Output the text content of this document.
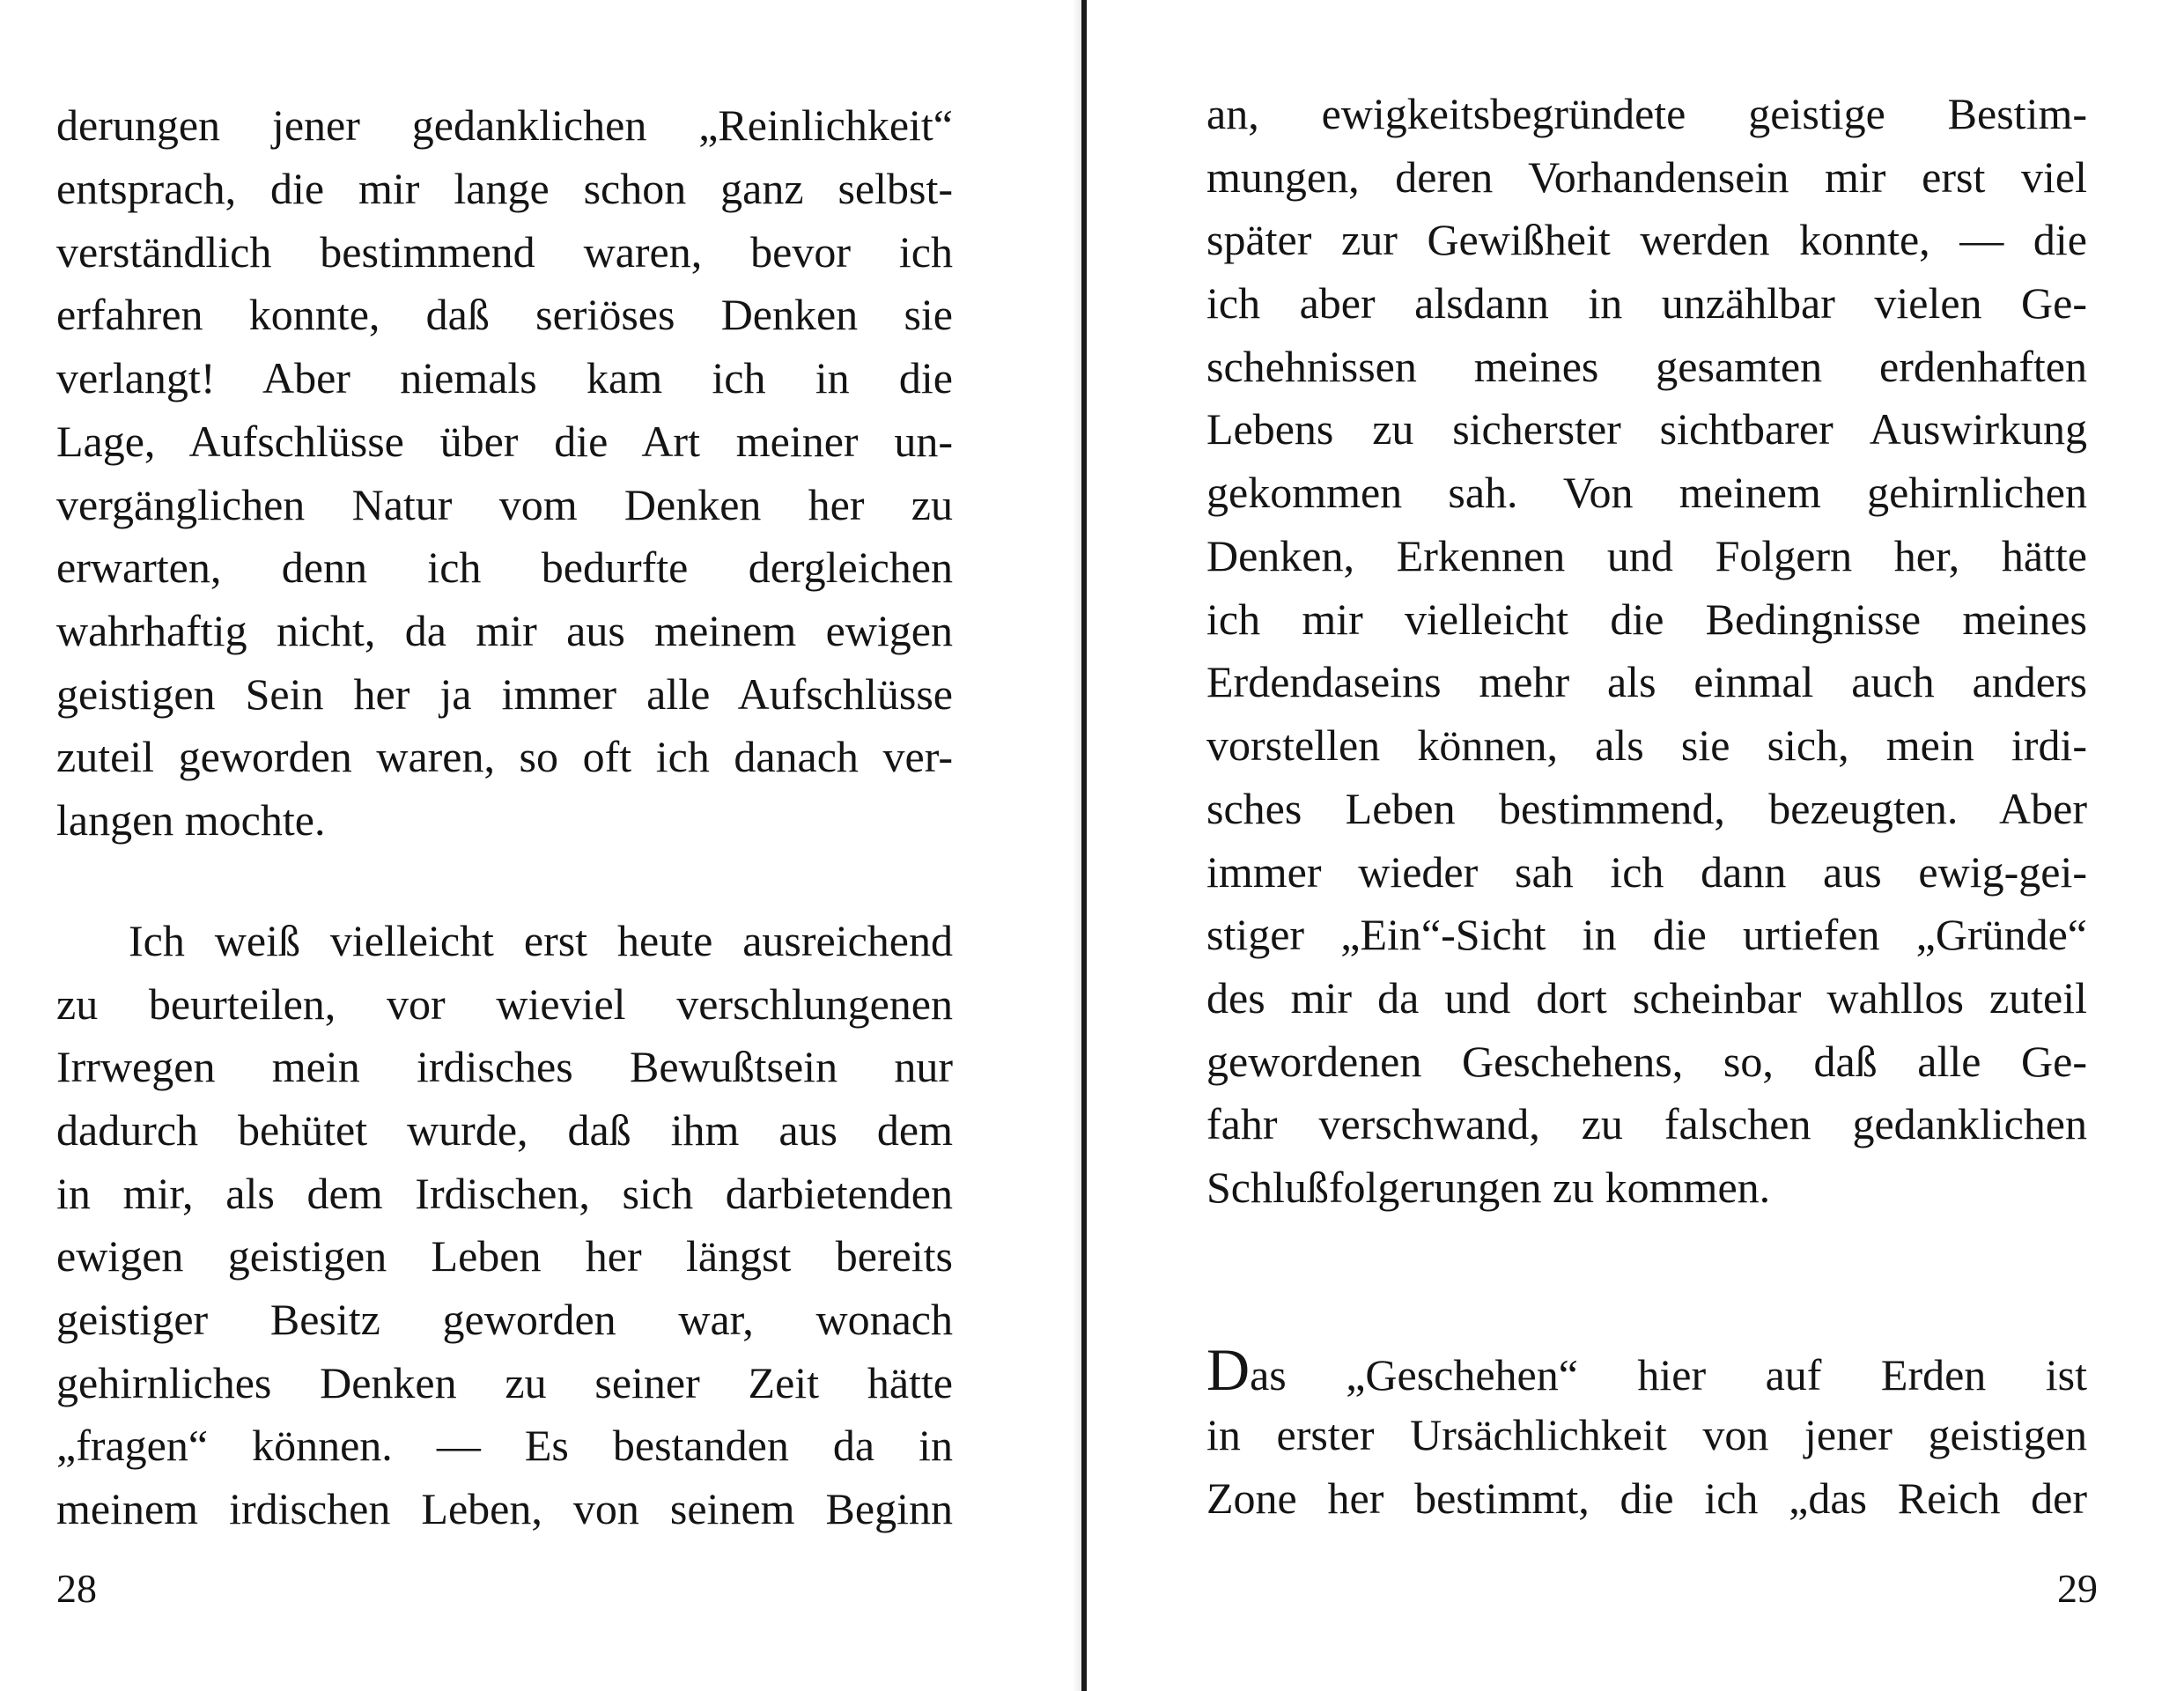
derungen jener gedanklichen „Reinlichkeit“
entsprach, die mir lange schon ganz selbst-
verständlich bestimmend waren, bevor ich
erfahren konnte, daß seriöses Denken sie
verlangt! Aber niemals kam ich in die
Lage, Aufschlüsse über die Art meiner un-
vergänglichen Natur vom Denken her zu
erwarten, denn ich bedurfte dergleichen
wahrhaftig nicht, da mir aus meinem ewigen
geistigen Sein her ja immer alle Aufschlüsse
zuteil geworden waren, so oft ich danach ver-
langen mochte.
Ich weiß vielleicht erst heute ausreichend
zu beurteilen, vor wieviel verschlungenen
Irrwegen mein irdisches Bewußtsein nur
dadurch behütet wurde, daß ihm aus dem
in mir, als dem Irdischen, sich darbietenden
ewigen geistigen Leben her längst bereits
geistiger Besitz geworden war, wonach
gehirnliches Denken zu seiner Zeit hätte
„fragen“ können. — Es bestanden da in
meinem irdischen Leben, von seinem Beginn
28
an, ewigkeitsbegründete geistige Bestim-
mungen, deren Vorhandensein mir erst viel
später zur Gewißheit werden konnte, — die
ich aber alsdann in unzählbar vielen Ge-
schehnissen meines gesamten erdenhaften
Lebens zu sicherster sichtbarer Auswirkung
gekommen sah. Von meinem gehirnlichen
Denken, Erkennen und Folgern her, hätte
ich mir vielleicht die Bedingnisse meines
Erdendaseins mehr als einmal auch anders
vorstellen können, als sie sich, mein irdi-
sches Leben bestimmend, bezeugten. Aber
immer wieder sah ich dann aus ewig-gei-
stiger „Ein“-Sicht in die urtiefen „Gründe“
des mir da und dort scheinbar wahllos zuteil
gewordenen Geschehens, so, daß alle Ge-
fahr verschwand, zu falschen gedanklichen
Schlußfolgerungen zu kommen.
Das „Geschehen“ hier auf Erden ist
in erster Ursächlichkeit von jener geistigen
Zone her bestimmt, die ich „das Reich der
29
